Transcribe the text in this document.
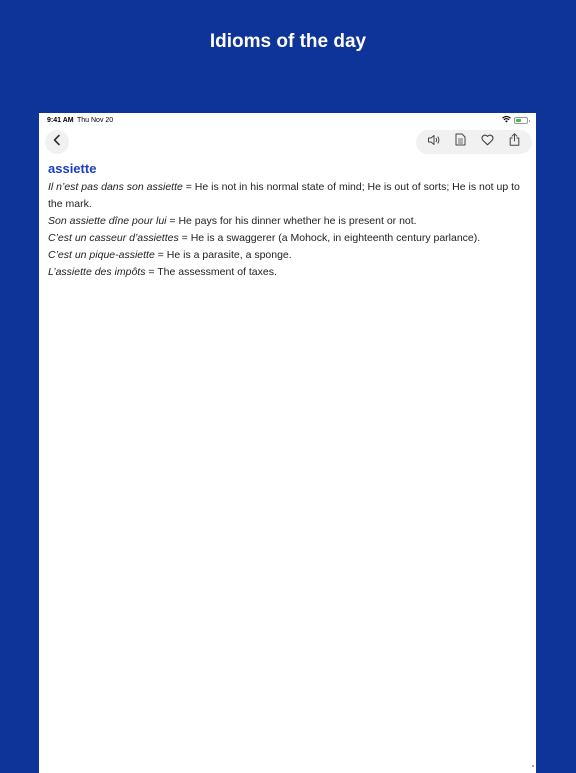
Idioms of the day
9:41 AM Thu Nov 20
assiette
Il n’est pas dans son assiette = He is not in his normal state of mind; He is out of sorts; He is not up to the mark.
Son assiette dîne pour lui = He pays for his dinner whether he is present or not.
C’est un casseur d’assiettes = He is a swaggerer (a Mohock, in eighteenth century parlance).
C’est un pique-assiette = He is a parasite, a sponge.
L’assiette des impôts = The assessment of taxes.
